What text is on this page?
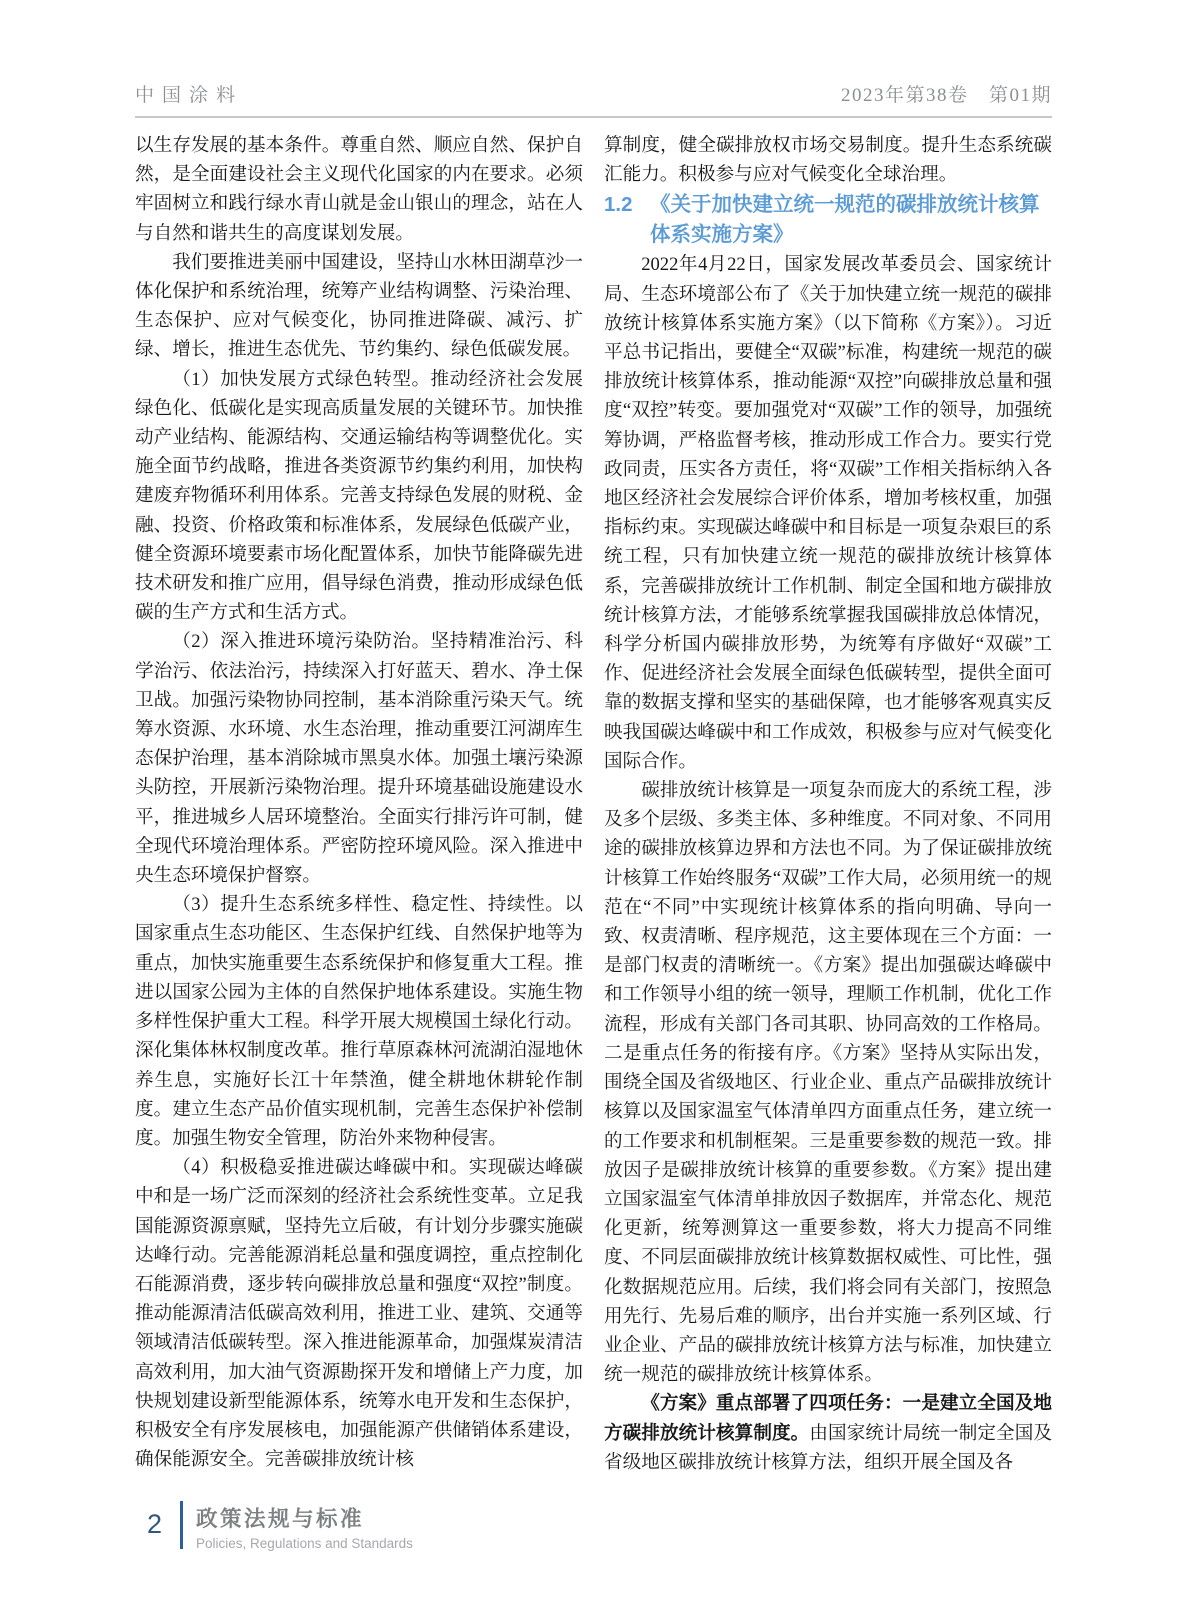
中国涂料	2023年第38卷　第01期

以生存发展的基本条件。尊重自然、顺应自然、保护自然，是全面建设社会主义现代化国家的内在要求。必须牢固树立和践行绿水青山就是金山银山的理念，站在人与自然和谐共生的高度谋划发展。

我们要推进美丽中国建设，坚持山水林田湖草沙一体化保护和系统治理，统筹产业结构调整、污染治理、生态保护、应对气候变化，协同推进降碳、减污、扩绿、增长，推进生态优先、节约集约、绿色低碳发展。

（1）加快发展方式绿色转型。推动经济社会发展绿色化、低碳化是实现高质量发展的关键环节。加快推动产业结构、能源结构、交通运输结构等调整优化。实施全面节约战略，推进各类资源节约集约利用，加快构建废弃物循环利用体系。完善支持绿色发展的财税、金融、投资、价格政策和标准体系，发展绿色低碳产业，健全资源环境要素市场化配置体系，加快节能降碳先进技术研发和推广应用，倡导绿色消费，推动形成绿色低碳的生产方式和生活方式。

（2）深入推进环境污染防治。坚持精准治污、科学治污、依法治污，持续深入打好蓝天、碧水、净土保卫战。加强污染物协同控制，基本消除重污染天气。统筹水资源、水环境、水生态治理，推动重要江河湖库生态保护治理，基本消除城市黑臭水体。加强土壤污染源头防控，开展新污染物治理。提升环境基础设施建设水平，推进城乡人居环境整治。全面实行排污许可制，健全现代环境治理体系。严密防控环境风险。深入推进中央生态环境保护督察。

（3）提升生态系统多样性、稳定性、持续性。以国家重点生态功能区、生态保护红线、自然保护地等为重点，加快实施重要生态系统保护和修复重大工程。推进以国家公园为主体的自然保护地体系建设。实施生物多样性保护重大工程。科学开展大规模国土绿化行动。深化集体林权制度改革。推行草原森林河流湖泊湿地休养生息，实施好长江十年禁渔，健全耕地休耕轮作制度。建立生态产品价值实现机制，完善生态保护补偿制度。加强生物安全管理，防治外来物种侵害。

（4）积极稳妥推进碳达峰碳中和。实现碳达峰碳中和是一场广泛而深刻的经济社会系统性变革。立足我国能源资源禀赋，坚持先立后破，有计划分步骤实施碳达峰行动。完善能源消耗总量和强度调控，重点控制化石能源消费，逐步转向碳排放总量和强度“双控”制度。推动能源清洁低碳高效利用，推进工业、建筑、交通等领域清洁低碳转型。深入推进能源革命，加强煤炭清洁高效利用，加大油气资源勘探开发和增储上产力度，加快规划建设新型能源体系，统筹水电开发和生态保护，积极安全有序发展核电，加强能源产供储销体系建设，确保能源安全。完善碳排放统计核

算制度，健全碳排放权市场交易制度。提升生态系统碳汇能力。积极参与应对气候变化全球治理。

1.2 《关于加快建立统一规范的碳排放统计核算体系实施方案》

2022年4月22日，国家发展改革委员会、国家统计局、生态环境部公布了《关于加快建立统一规范的碳排放统计核算体系实施方案》（以下简称《方案》）。习近平总书记指出，要健全“双碳”标准，构建统一规范的碳排放统计核算体系，推动能源“双控”向碳排放总量和强度“双控”转变。要加强党对“双碳”工作的领导，加强统筹协调，严格监督考核，推动形成工作合力。要实行党政同责，压实各方责任，将“双碳”工作相关指标纳入各地区经济社会发展综合评价体系，增加考核权重，加强指标约束。实现碳达峰碳中和目标是一项复杂艰巨的系统工程，只有加快建立统一规范的碳排放统计核算体系，完善碳排放统计工作机制、制定全国和地方碳排放统计核算方法，才能够系统掌握我国碳排放总体情况，科学分析国内碳排放形势，为统筹有序做好“双碳”工作、促进经济社会发展全面绿色低碳转型，提供全面可靠的数据支撑和坚实的基础保障，也才能够客观真实反映我国碳达峰碳中和工作成效，积极参与应对气候变化国际合作。

碳排放统计核算是一项复杂而庞大的系统工程，涉及多个层级、多类主体、多种维度。不同对象、不同用途的碳排放核算边界和方法也不同。为了保证碳排放统计核算工作始终服务“双碳”工作大局，必须用统一的规范在“不同”中实现统计核算体系的指向明确、导向一致、权责清晰、程序规范，这主要体现在三个方面：一是部门权责的清晰统一。《方案》提出加强碳达峰碳中和工作领导小组的统一领导，理顺工作机制，优化工作流程，形成有关部门各司其职、协同高效的工作格局。二是重点任务的衔接有序。《方案》坚持从实际出发，围绕全国及省级地区、行业企业、重点产品碳排放统计核算以及国家温室气体清单四方面重点任务，建立统一的工作要求和机制框架。三是重要参数的规范一致。排放因子是碳排放统计核算的重要参数。《方案》提出建立国家温室气体清单排放因子数据库，并常态化、规范化更新，统筹测算这一重要参数，将大力提高不同维度、不同层面碳排放统计核算数据权威性、可比性，强化数据规范应用。后续，我们将会同有关部门，按照急用先行、先易后难的顺序，出台并实施一系列区域、行业企业、产品的碳排放统计核算方法与标准，加快建立统一规范的碳排放统计核算体系。

《方案》重点部署了四项任务：一是建立全国及地方碳排放统计核算制度。由国家统计局统一制定全国及省级地区碳排放统计核算方法，组织开展全国及各

2	政策法规与标准
Policies, Regulations and Standards
